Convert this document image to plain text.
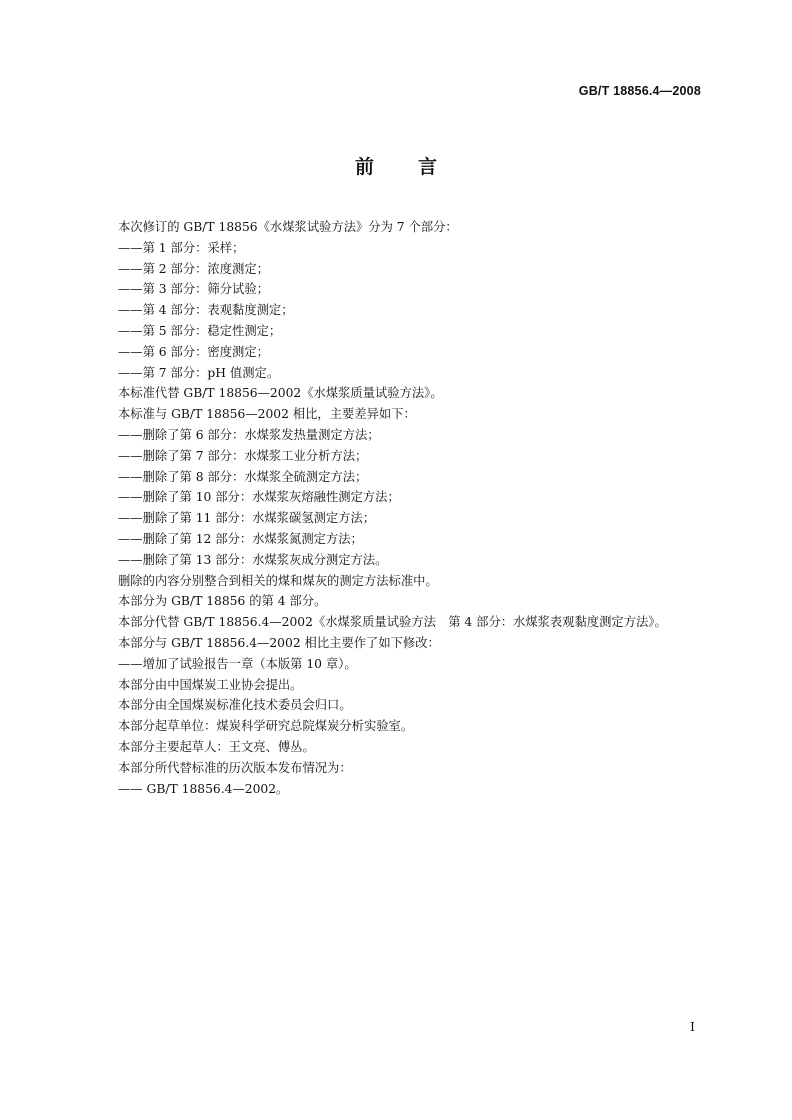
GB/T 18856.4—2008
前言
本次修订的 GB/T 18856《水煤浆试验方法》分为 7 个部分：
——第 1 部分：采样；
——第 2 部分：浓度测定；
——第 3 部分：筛分试验；
——第 4 部分：表观黏度测定；
——第 5 部分：稳定性测定；
——第 6 部分：密度测定；
——第 7 部分：pH 值测定。
本标准代替 GB/T 18856—2002《水煤浆质量试验方法》。
本标准与 GB/T 18856—2002 相比，主要差异如下：
——删除了第 6 部分：水煤浆发热量测定方法；
——删除了第 7 部分：水煤浆工业分析方法；
——删除了第 8 部分：水煤浆全硫测定方法；
——删除了第 10 部分：水煤浆灰熔融性测定方法；
——删除了第 11 部分：水煤浆碳氢测定方法；
——删除了第 12 部分：水煤浆氮测定方法；
——删除了第 13 部分：水煤浆灰成分测定方法。
删除的内容分别整合到相关的煤和煤灰的测定方法标准中。
本部分为 GB/T 18856 的第 4 部分。
本部分代替 GB/T 18856.4—2002《水煤浆质量试验方法　第 4 部分：水煤浆表观黏度测定方法》。
本部分与 GB/T 18856.4—2002 相比主要作了如下修改：
——增加了试验报告一章（本版第 10 章）。
本部分由中国煤炭工业协会提出。
本部分由全国煤炭标准化技术委员会归口。
本部分起草单位：煤炭科学研究总院煤炭分析实验室。
本部分主要起草人：王文亮、傅丛。
本部分所代替标准的历次版本发布情况为：
—— GB/T 18856.4—2002。
I
